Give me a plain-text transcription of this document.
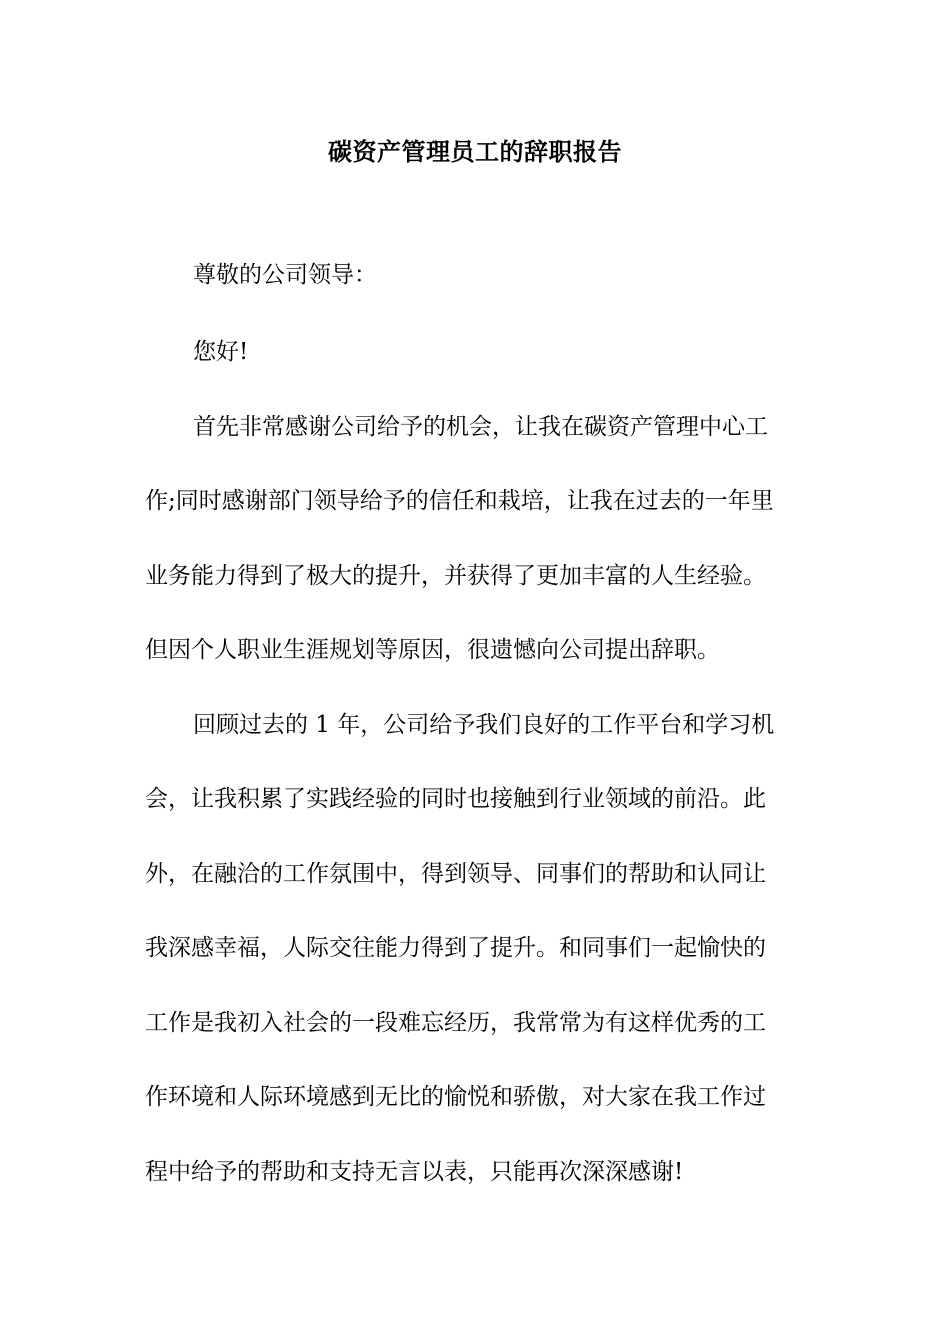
碳资产管理员工的辞职报告
尊敬的公司领导：
您好!
首先非常感谢公司给予的机会，让我在碳资产管理中心工
作;同时感谢部门领导给予的信任和栽培，让我在过去的一年里
业务能力得到了极大的提升，并获得了更加丰富的人生经验。
但因个人职业生涯规划等原因，很遗憾向公司提出辞职。
回顾过去的 1 年，公司给予我们良好的工作平台和学习机
会，让我积累了实践经验的同时也接触到行业领域的前沿。此
外，在融洽的工作氛围中，得到领导、同事们的帮助和认同让
我深感幸福，人际交往能力得到了提升。和同事们一起愉快的
工作是我初入社会的一段难忘经历，我常常为有这样优秀的工
作环境和人际环境感到无比的愉悦和骄傲，对大家在我工作过
程中给予的帮助和支持无言以表，只能再次深深感谢!
